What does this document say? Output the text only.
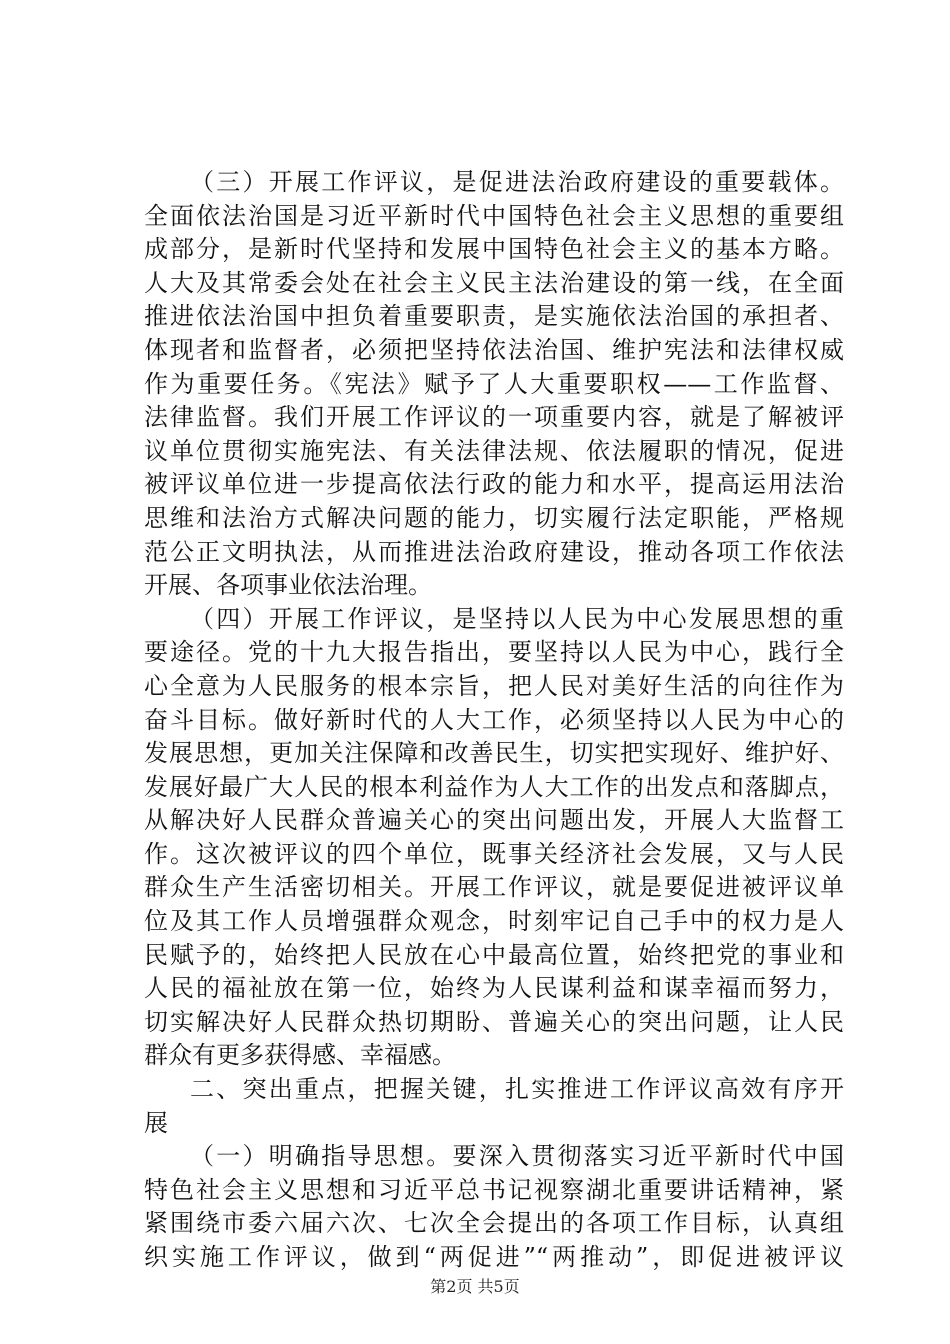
（三）开展工作评议，是促进法治政府建设的重要载体。
全面依法治国是习近平新时代中国特色社会主义思想的重要组
成部分，是新时代坚持和发展中国特色社会主义的基本方略。
人大及其常委会处在社会主义民主法治建设的第一线，在全面
推进依法治国中担负着重要职责，是实施依法治国的承担者、
体现者和监督者，必须把坚持依法治国、维护宪法和法律权威
作为重要任务。《宪法》赋予了人大重要职权——工作监督、
法律监督。我们开展工作评议的一项重要内容，就是了解被评
议单位贯彻实施宪法、有关法律法规、依法履职的情况，促进
被评议单位进一步提高依法行政的能力和水平，提高运用法治
思维和法治方式解决问题的能力，切实履行法定职能，严格规
范公正文明执法，从而推进法治政府建设，推动各项工作依法
开展、各项事业依法治理。
（四）开展工作评议，是坚持以人民为中心发展思想的重
要途径。党的十九大报告指出，要坚持以人民为中心，践行全
心全意为人民服务的根本宗旨，把人民对美好生活的向往作为
奋斗目标。做好新时代的人大工作，必须坚持以人民为中心的
发展思想，更加关注保障和改善民生，切实把实现好、维护好、
发展好最广大人民的根本利益作为人大工作的出发点和落脚点，
从解决好人民群众普遍关心的突出问题出发，开展人大监督工
作。这次被评议的四个单位，既事关经济社会发展，又与人民
群众生产生活密切相关。开展工作评议，就是要促进被评议单
位及其工作人员增强群众观念，时刻牢记自己手中的权力是人
民赋予的，始终把人民放在心中最高位置，始终把党的事业和
人民的福祉放在第一位，始终为人民谋利益和谋幸福而努力，
切实解决好人民群众热切期盼、普遍关心的突出问题，让人民
群众有更多获得感、幸福感。
二、突出重点，把握关键，扎实推进工作评议高效有序开
展
（一）明确指导思想。要深入贯彻落实习近平新时代中国
特色社会主义思想和习近平总书记视察湖北重要讲话精神，紧
紧围绕市委六届六次、七次全会提出的各项工作目标，认真组
织实施工作评议，做到“两促进”“两推动”，即促进被评议
第2页 共5页
